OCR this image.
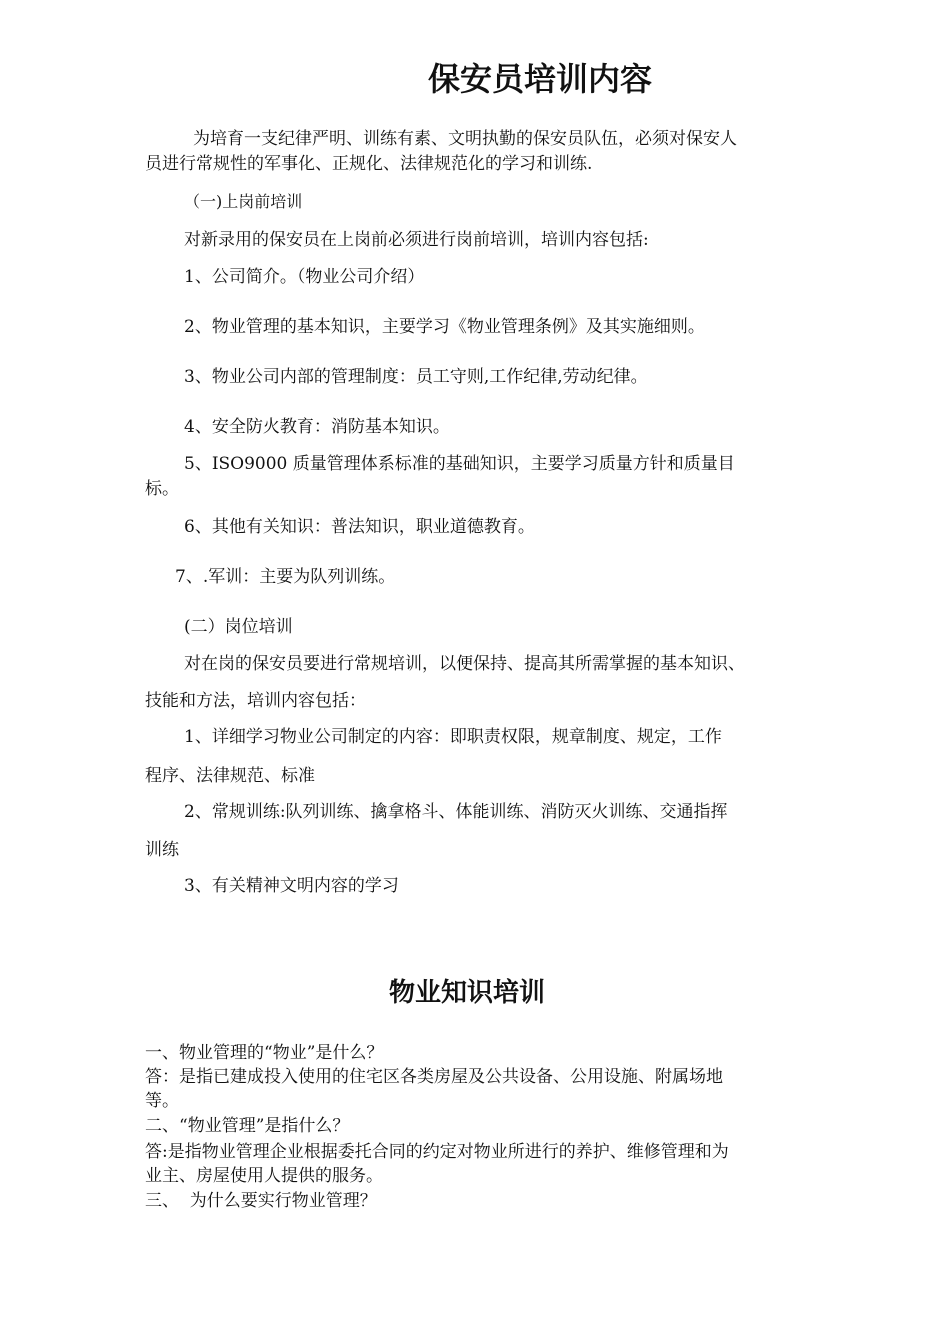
保安员培训内容
为培育一支纪律严明、训练有素、文明执勤的保安员队伍，必须对保安人
员进行常规性的军事化、正规化、法律规范化的学习和训练.
（一)上岗前培训
对新录用的保安员在上岗前必须进行岗前培训，培训内容包括:
1、公司简介。（物业公司介绍）
2、物业管理的基本知识，主要学习《物业管理条例》及其实施细则。
3、物业公司内部的管理制度：员工守则,工作纪律,劳动纪律。
4、安全防火教育：消防基本知识。
5、ISO9000 质量管理体系标准的基础知识，主要学习质量方针和质量目
标。
6、其他有关知识：普法知识，职业道德教育。
7、.军训：主要为队列训练。
(二）岗位培训
对在岗的保安员要进行常规培训，以便保持、提高其所需掌握的基本知识、
技能和方法，培训内容包括：
1、详细学习物业公司制定的内容：即职责权限，规章制度、规定，工作
程序、法律规范、标准
2、常规训练:队列训练、擒拿格斗、体能训练、消防灭火训练、交通指挥
训练
3、有关精神文明内容的学习
物业知识培训
一、物业管理的“物业”是什么？
答：是指已建成投入使用的住宅区各类房屋及公共设备、公用设施、附属场地
等。
二、“物业管理”是指什么？
答:是指物业管理企业根据委托合同的约定对物业所进行的养护、维修管理和为
业主、房屋使用人提供的服务。
三、  为什么要实行物业管理？
